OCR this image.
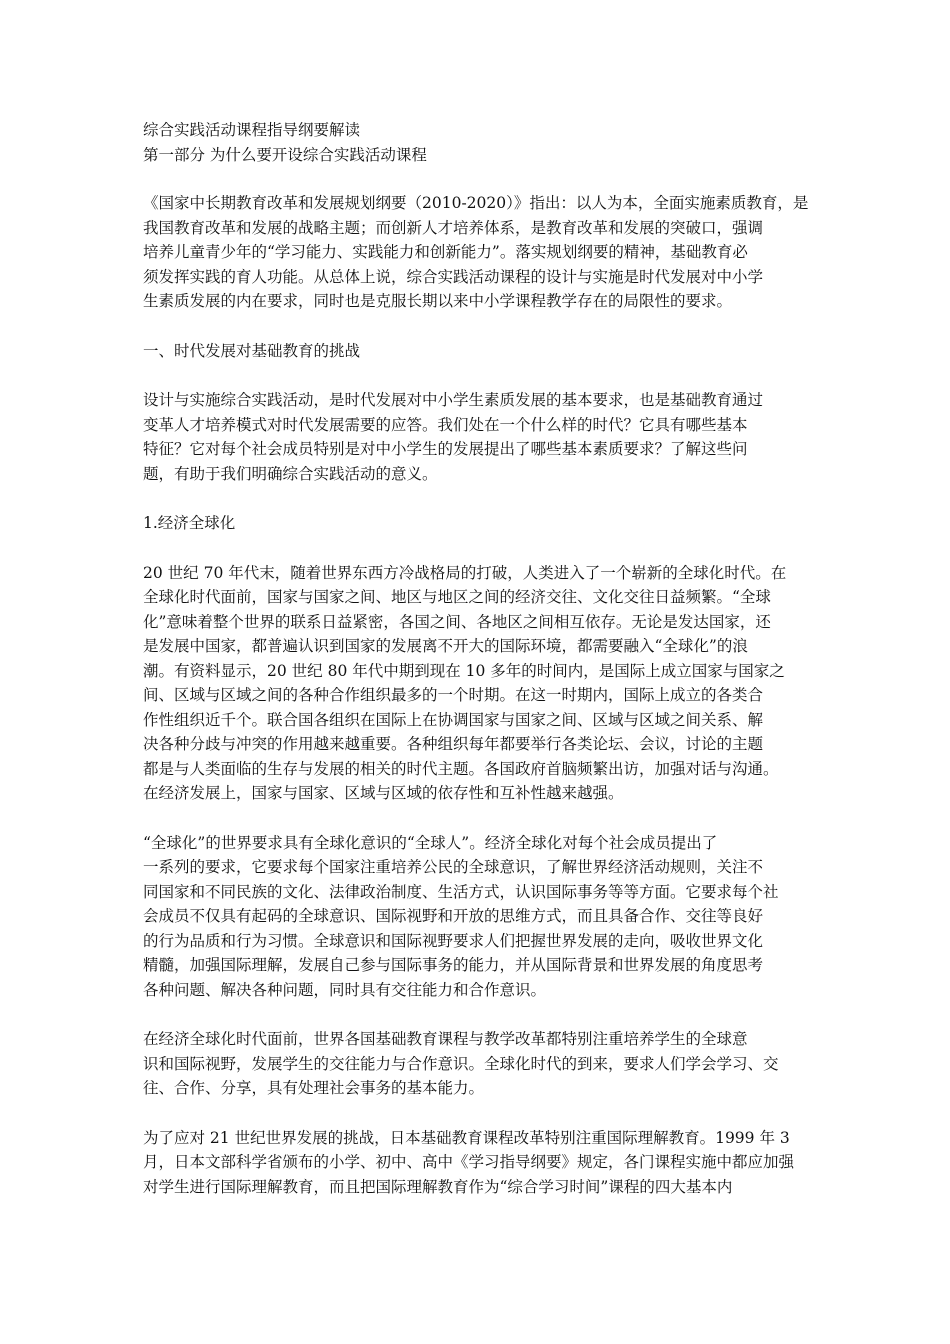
综合实践活动课程指导纲要解读
第一部分 为什么要开设综合实践活动课程

《国家中长期教育改革和发展规划纲要（2010-2020）》指出：以人为本，全面实施素质教育，是

我国教育改革和发展的战略主题；而创新人才培养体系，是教育改革和发展的突破口，强调

培养儿童青少年的“学习能力、实践能力和创新能力”。落实规划纲要的精神，基础教育必

须发挥实践的育人功能。从总体上说，综合实践活动课程的设计与实施是时代发展对中小学

生素质发展的内在要求，同时也是克服长期以来中小学课程教学存在的局限性的要求。

一、时代发展对基础教育的挑战

设计与实施综合实践活动，是时代发展对中小学生素质发展的基本要求，也是基础教育通过

变革人才培养模式对时代发展需要的应答。我们处在一个什么样的时代？它具有哪些基本

特征？它对每个社会成员特别是对中小学生的发展提出了哪些基本素质要求？了解这些问

题，有助于我们明确综合实践活动的意义。

1.经济全球化

20 世纪 70 年代末，随着世界东西方冷战格局的打破，人类进入了一个崭新的全球化时代。在

全球化时代面前，国家与国家之间、地区与地区之间的经济交往、文化交往日益频繁。“全球

化”意味着整个世界的联系日益紧密，各国之间、各地区之间相互依存。无论是发达国家，还

是发展中国家，都普遍认识到国家的发展离不开大的国际环境，都需要融入“全球化”的浪

潮。有资料显示，20 世纪 80 年代中期到现在 10 多年的时间内，是国际上成立国家与国家之

间、区域与区域之间的各种合作组织最多的一个时期。在这一时期内，国际上成立的各类合

作性组织近千个。联合国各组织在国际上在协调国家与国家之间、区域与区域之间关系、解

决各种分歧与冲突的作用越来越重要。各种组织每年都要举行各类论坛、会议，讨论的主题

都是与人类面临的生存与发展的相关的时代主题。各国政府首脑频繁出访，加强对话与沟通。

在经济发展上，国家与国家、区域与区域的依存性和互补性越来越强。

“全球化”的世界要求具有全球化意识的“全球人”。经济全球化对每个社会成员提出了

一系列的要求，它要求每个国家注重培养公民的全球意识，了解世界经济活动规则，关注不

同国家和不同民族的文化、法律政治制度、生活方式，认识国际事务等等方面。它要求每个社

会成员不仅具有起码的全球意识、国际视野和开放的思维方式，而且具备合作、交往等良好

的行为品质和行为习惯。全球意识和国际视野要求人们把握世界发展的走向，吸收世界文化

精髓，加强国际理解，发展自己参与国际事务的能力，并从国际背景和世界发展的角度思考

各种问题、解决各种问题，同时具有交往能力和合作意识。

在经济全球化时代面前，世界各国基础教育课程与教学改革都特别注重培养学生的全球意

识和国际视野，发展学生的交往能力与合作意识。全球化时代的到来，要求人们学会学习、交

往、合作、分享，具有处理社会事务的基本能力。

为了应对 21 世纪世界发展的挑战，日本基础教育课程改革特别注重国际理解教育。1999 年 3

月，日本文部科学省颁布的小学、初中、高中《学习指导纲要》规定，各门课程实施中都应加强

对学生进行国际理解教育，而且把国际理解教育作为“综合学习时间”课程的四大基本内
